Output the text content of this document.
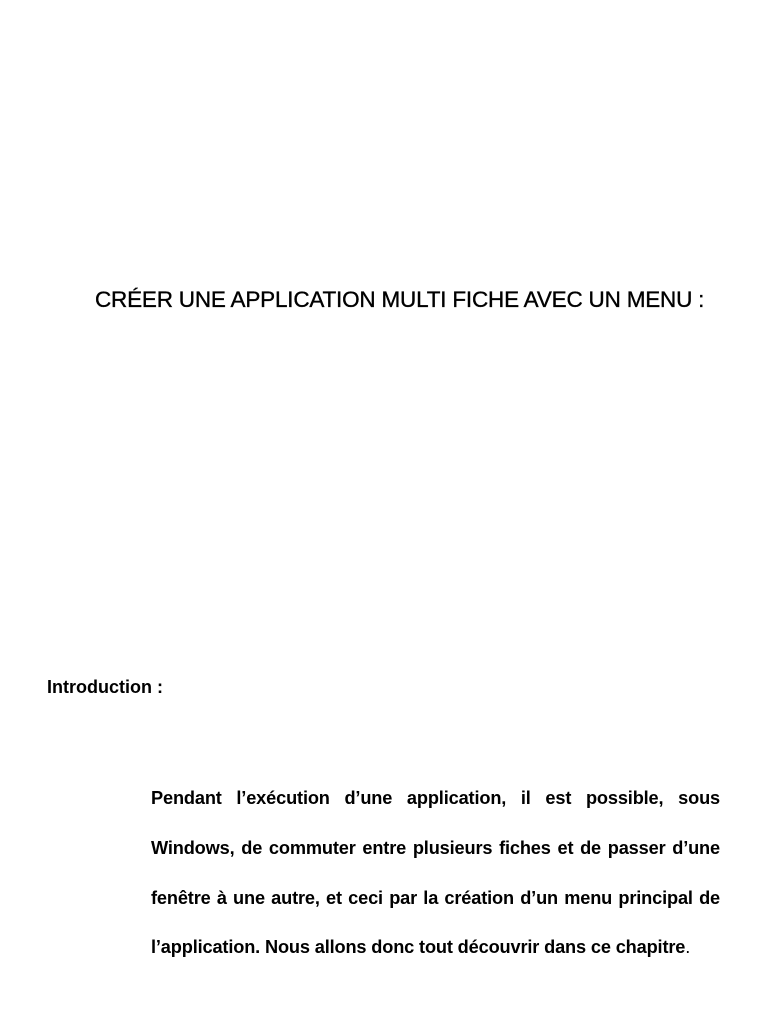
CRÉER UNE APPLICATION MULTI FICHE AVEC UN MENU :
Introduction :

Pendant l’exécution d’une application, il est possible, sous Windows, de commuter entre plusieurs fiches et de passer d’une fenêtre à une autre, et ceci par la création d’un menu principal de l’application. Nous allons donc tout découvrir dans ce chapitre.
